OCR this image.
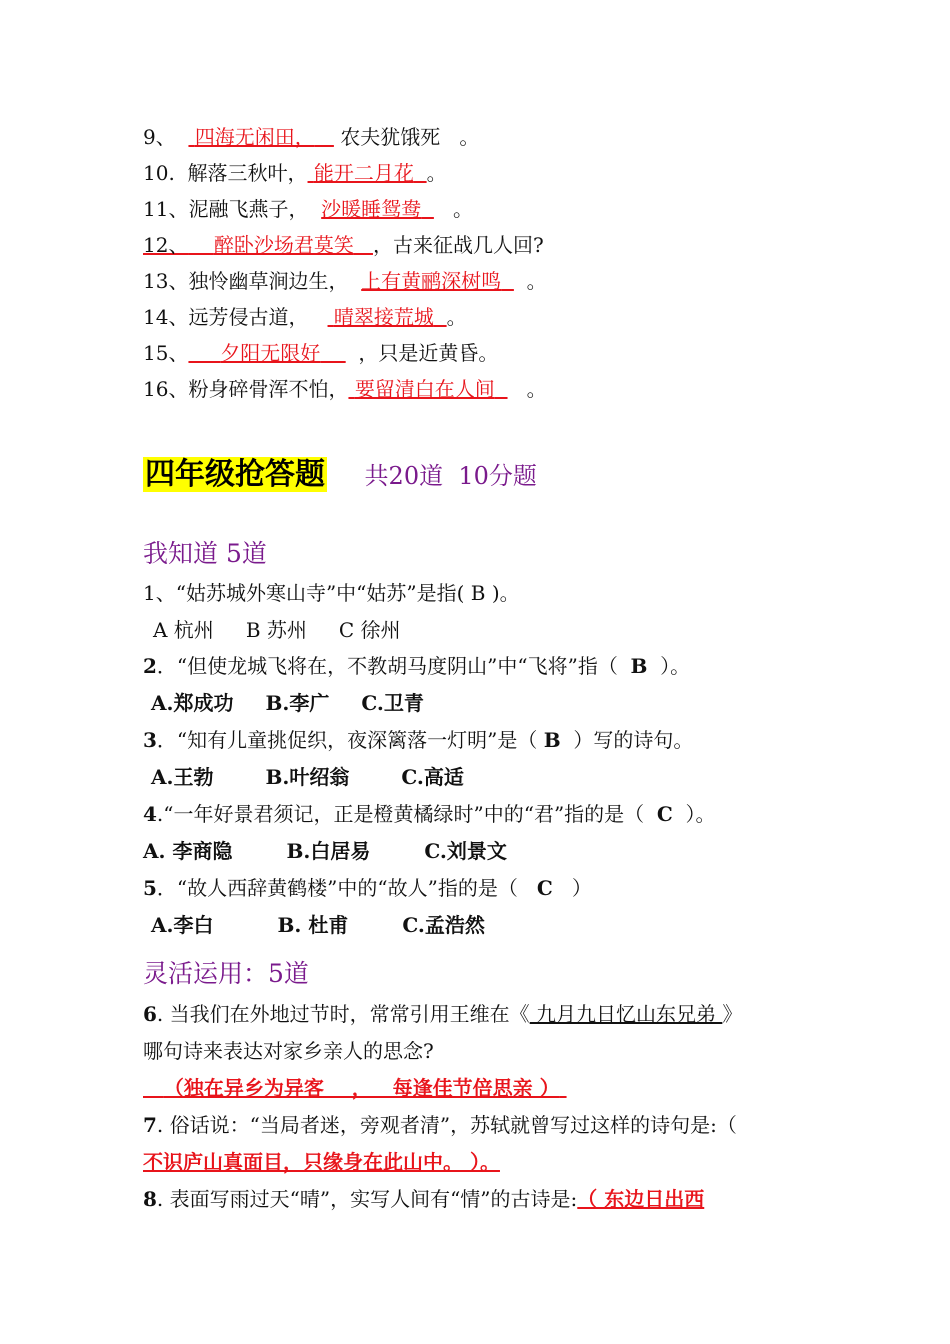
9、 四海无闲田， 农夫犹饿死 。
10. 解落三秋叶， 能开二月花 。
11、泥融飞燕子， 沙暖睡鸳鸯 。
12、 醉卧沙场君莫笑 ，古来征战几人回?
13、独怜幽草涧边生， 上有黄鹂深树鸣 。
14、远芳侵古道， 晴翠接荒城 。
15、 夕阳无限好 ，只是近黄昏。
16、粉身碎骨浑不怕， 要留清白在人间 。
四年级抢答题 共20道  10分题
我知道 5道
1、“姑苏城外寒山寺”中“姑苏”是指( B )。
A 杭州 B 苏州 C 徐州
2．“但使龙城飞将在，不教胡马度阴山”中“飞将”指（  B  ）。
A.郑成功 B.李广 C.卫青
3．“知有儿童挑促织，夜深篱落一灯明”是（ B  ）写的诗句。
A.王勃	B.叶绍翁	C.高适
4.“一年好景君须记，正是橙黄橘绿时”中的“君”指的是（  C  ）。
A. 李商隐	B.白居易	C.刘景文
5．“故人西辞黄鹤楼”中的“故人”指的是（   C   ）
A.李白	B. 杜甫	C.孟浩然
灵活运用：5道
6. 当我们在外地过节时，常常引用王维在《 九月九日忆山东兄弟 》
哪句诗来表达对家乡亲人的思念?
（独在异乡为异客    ，   每逢佳节倍思亲 ）
7. 俗话说：“当局者迷，旁观者清”，苏轼就曾写过这样的诗句是:（
不识庐山真面目，只缘身在此山中。 ）。
8. 表面写雨过天“晴”，实写人间有“情”的古诗是:（ 东边日出西
